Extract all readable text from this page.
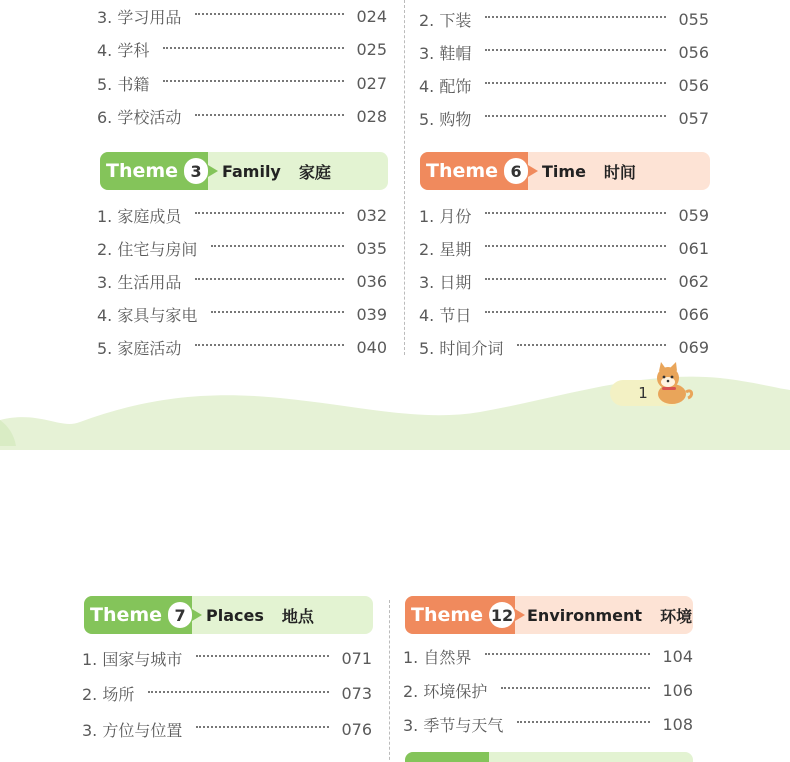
3. 学习用品	024
4. 学科	025
5. 书籍	027
6. 学校活动	028
2. 下装	055
3. 鞋帽	056
4. 配饰	056
5. 购物	057
Theme 3	Family 家庭	Theme 6	Time 时间
1. 家庭成员	032
2. 住宅与房间	035
3. 生活用品	036
4. 家具与家电	039
5. 家庭活动	040
1. 月份	059
2. 星期	061
3. 日期	062
4. 节日	066
5. 时间介词	069
1
Theme 7	Places 地点	Theme 12 Environment 环境
1. 国家与城市	071
2. 场所	073
3. 方位与位置	076
1. 自然界	104
2. 环境保护	106
3. 季节与天气	108
